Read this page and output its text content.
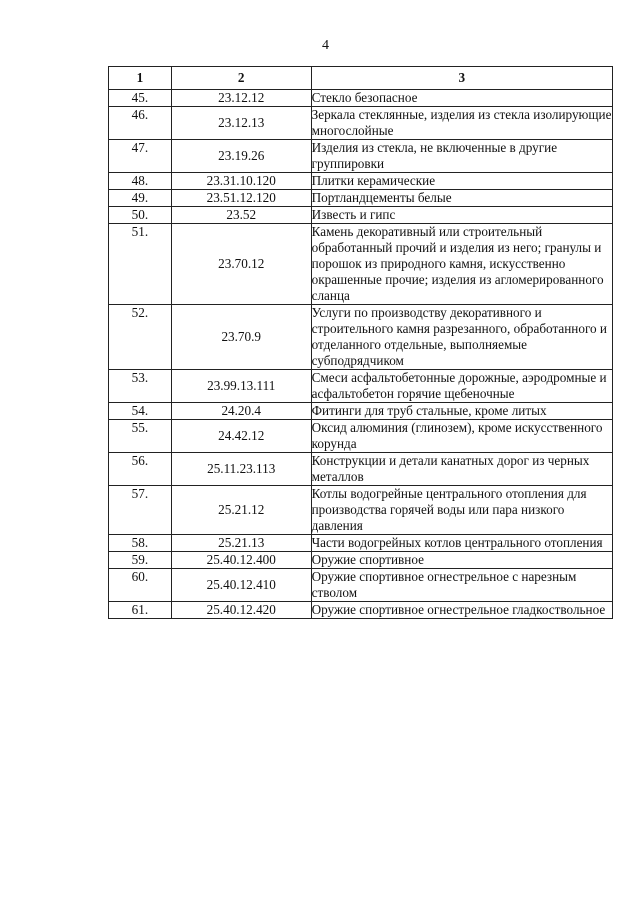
4
1	2	3
45.	23.12.12	Стекло безопасное
46.	23.12.13	Зеркала стеклянные, изделия из стекла изолирующие многослойные
47.	23.19.26	Изделия из стекла, не включенные в другие группировки
48.	23.31.10.120	Плитки керамические
49.	23.51.12.120	Портландцементы белые
50.	23.52	Известь и гипс
51.	23.70.12	Камень декоративный или строительный обработанный прочий и изделия из него; гранулы и порошок из природного камня, искусственно окрашенные прочие; изделия из агломерированного сланца
52.	23.70.9	Услуги по производству декоративного и строительного камня разрезанного, обработанного и отделанного отдельные, выполняемые субподрядчиком
53.	23.99.13.111	Смеси асфальтобетонные дорожные, аэродромные и асфальтобетон горячие щебеночные
54.	24.20.4	Фитинги для труб стальные, кроме литых
55.	24.42.12	Оксид алюминия (глинозем), кроме искусственного корунда
56.	25.11.23.113	Конструкции и детали канатных дорог из черных металлов
57.	25.21.12	Котлы водогрейные центрального отопления для производства горячей воды или пара низкого давления
58.	25.21.13	Части водогрейных котлов центрального отопления
59.	25.40.12.400	Оружие спортивное
60.	25.40.12.410	Оружие спортивное огнестрельное с нарезным стволом
61.	25.40.12.420	Оружие спортивное огнестрельное гладкоствольное
